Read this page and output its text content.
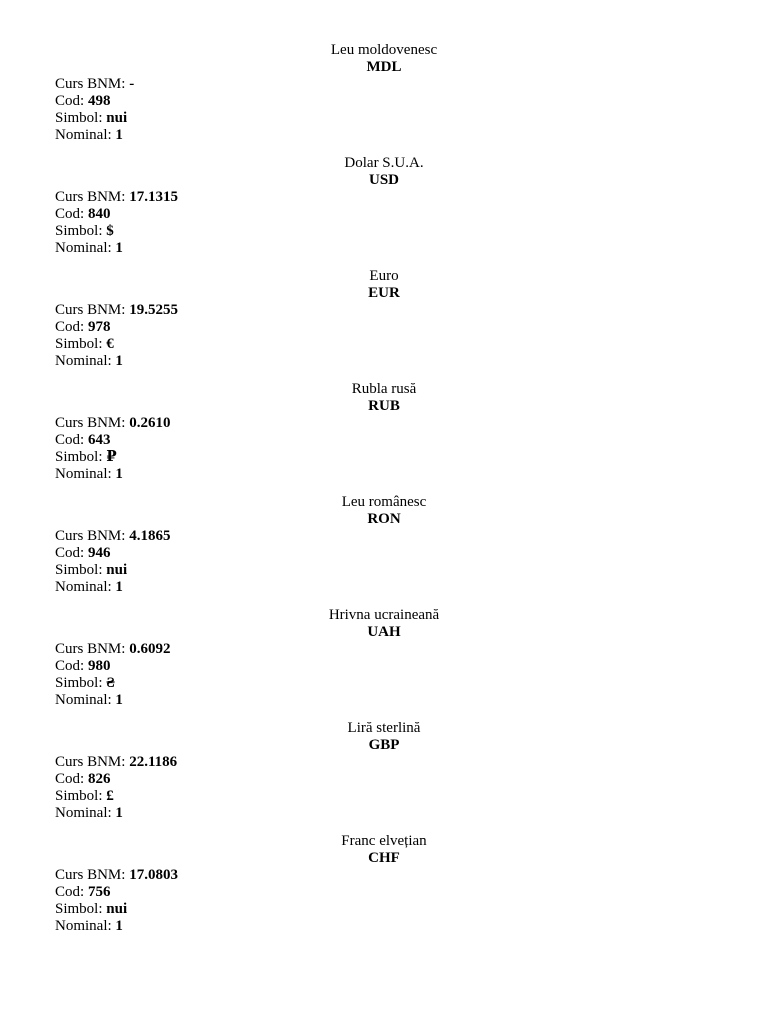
Leu moldovenesc
MDL
Curs BNM: -
Cod: 498
Simbol: nui
Nominal: 1
Dolar S.U.A.
USD
Curs BNM: 17.1315
Cod: 840
Simbol: $
Nominal: 1
Euro
EUR
Curs BNM: 19.5255
Cod: 978
Simbol: €
Nominal: 1
Rubla rusă
RUB
Curs BNM: 0.2610
Cod: 643
Simbol: ₽
Nominal: 1
Leu românesc
RON
Curs BNM: 4.1865
Cod: 946
Simbol: nui
Nominal: 1
Hrivna ucraineană
UAH
Curs BNM: 0.6092
Cod: 980
Simbol: ₴
Nominal: 1
Liră sterlină
GBP
Curs BNM: 22.1186
Cod: 826
Simbol: £
Nominal: 1
Franc elvețian
CHF
Curs BNM: 17.0803
Cod: 756
Simbol: nui
Nominal: 1
